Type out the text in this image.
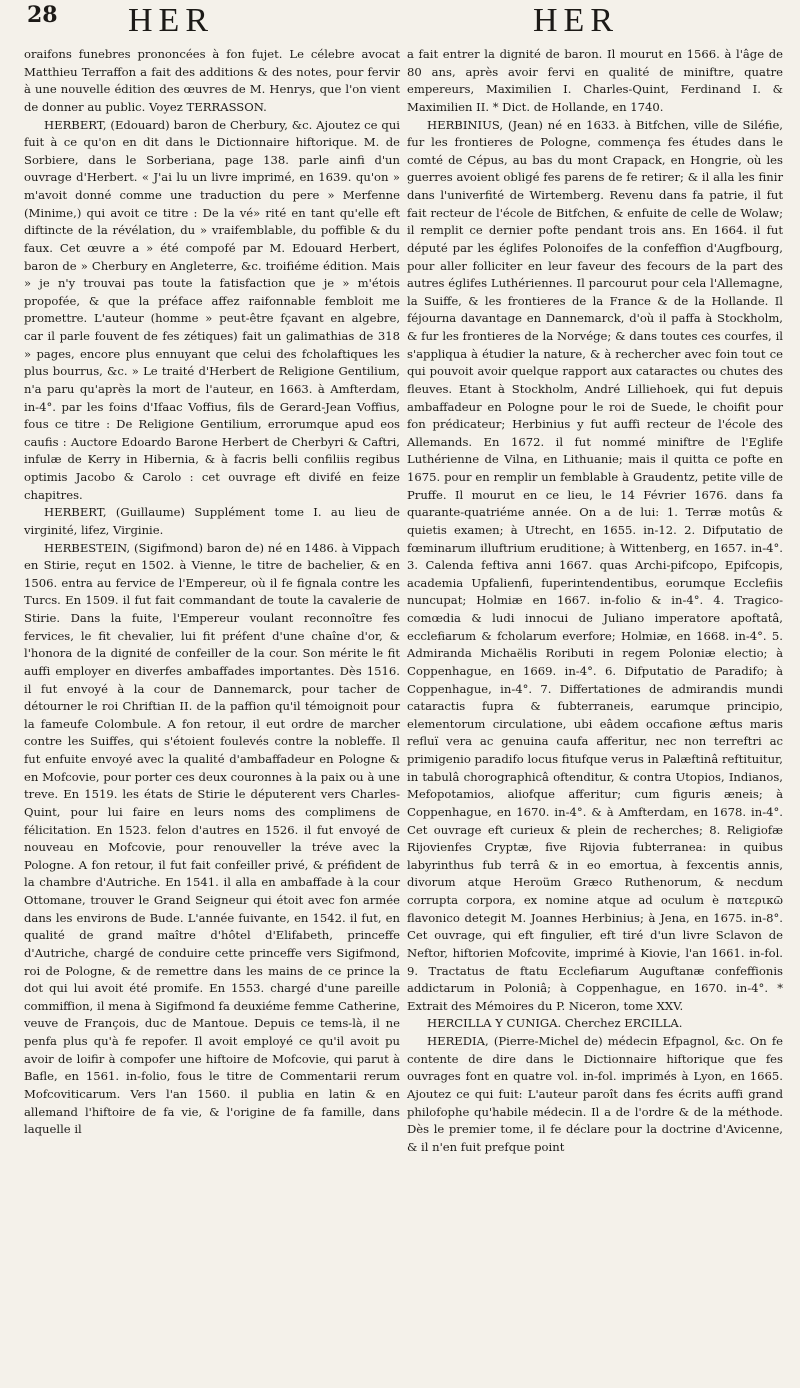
28 HER	HER

oraifons funebres prononcées à fon fujet. Le célebre avocat Matthieu Terraffon a fait des additions & des notes, pour fervir à une nouvelle édition des œuvres de M. Henrys, que l'on vient de donner au public. Voyez TERRASSON.

HERBERT, (Edouard) baron de Cherbury, &c. Ajoutez ce qui fuit à ce qu'on en dit dans le Dictionnaire hiftorique. M. de Sorbiere, dans le Sorberiana, page 138. parle ainfi d'un ouvrage d'Herbert. « J'ai lu un livre imprimé, en 1639. qu'on » m'avoit donné comme une traduction du pere » Merfenne (Minime,) qui avoit ce titre : De la vé» rité en tant qu'elle eft diftincte de la révélation, du » vraifemblable, du poffible & du faux. Cet œuvre a » été compofé par M. Edouard Herbert, baron de » Cherbury en Angleterre, &c. troifiéme édition. Mais » je n'y trouvai pas toute la fatisfaction que je » m'étois propofée, & que la préface affez raifonnable fembloit me promettre. L'auteur (homme » peut-être fçavant en algebre, car il parle fouvent de fes zétiques) fait un galimathias de 318 » pages, encore plus ennuyant que celui des fcholaftiques les plus bourrus, &c. » Le traité d'Herbert de Religione Gentilium, n'a paru qu'après la mort de l'auteur, en 1663. à Amfterdam, in-4°. par les foins d'Ifaac Voffius, fils de Gerard-Jean Voffius, fous ce titre : De Religione Gentilium, errorumque apud eos caufis : Auctore Edoardo Barone Herbert de Cherbyri & Caftri, infulæ de Kerry in Hibernia, & à facris belli confiliis regibus optimis Jacobo & Carolo : cet ouvrage eft divifé en feize chapitres.

HERBERT, (Guillaume) Supplément tome I. au lieu de virginité, lifez, Virginie.

HERBESTEIN, (Sigifmond) baron de) né en 1486. à Vippach en Stirie, reçut en 1502. à Vienne, le titre de bachelier, & en 1506. entra au fervice de l'Empereur, où il fe fignala contre les Turcs. En 1509. il fut fait commandant de toute la cavalerie de Stirie. Dans la fuite, l'Empereur voulant reconnoître fes fervices, le fit chevalier, lui fit préfent d'une chaîne d'or, & l'honora de la dignité de confeiller de la cour. Son mérite le fit auffi employer en diverfes ambaffades importantes. Dès 1516. il fut envoyé à la cour de Dannemarck, pour tacher de détourner le roi Chriftian II. de la paffion qu'il témoignoit pour la fameufe Colombule. A fon retour, il eut ordre de marcher contre les Suiffes, qui s'étoient foulevés contre la nobleffe. Il fut enfuite envoyé avec la qualité d'ambaffadeur en Pologne & en Mofcovie, pour porter ces deux couronnes à la paix ou à une treve. En 1519. les états de Stirie le députerent vers Charles-Quint, pour lui faire en leurs noms des complimens de félicitation. En 1523. felon d'autres en 1526. il fut envoyé de nouveau en Mofcovie, pour renouveller la tréve avec la Pologne. A fon retour, il fut fait confeiller privé, & préfident de la chambre d'Autriche. En 1541. il alla en ambaffade à la cour Ottomane, trouver le Grand Seigneur qui étoit avec fon armée dans les environs de Bude. L'année fuivante, en 1542. il fut, en qualité de grand maître d'hôtel d'Elifabeth, princeffe d'Autriche, chargé de conduire cette princeffe vers Sigifmond, roi de Pologne, & de remettre dans les mains de ce prince la dot qui lui avoit été promife. En 1553. chargé d'une pareille commiffion, il mena à Sigifmond fa deuxiéme femme Catherine, veuve de François, duc de Mantoue. Depuis ce tems-là, il ne penfa plus qu'à fe repofer. Il avoit employé ce qu'il avoit pu avoir de loifir à compofer une hiftoire de Mofcovie, qui parut à Bafle, en 1561. in-folio, fous le titre de Commentarii rerum Mofcoviticarum. Vers l'an 1560. il publia en latin & en allemand l'hiftoire de fa vie, & l'origine de fa famille, dans laquelle il

a fait entrer la dignité de baron. Il mourut en 1566. à l'âge de 80 ans, après avoir fervi en qualité de miniftre, quatre empereurs, Maximilien I. Charles-Quint, Ferdinand I. & Maximilien II. * Dict. de Hollande, en 1740.

HERBINIUS, (Jean) né en 1633. à Bitfchen, ville de Siléfie, fur les frontieres de Pologne, commença fes études dans le comté de Cépus, au bas du mont Crapack, en Hongrie, où les guerres avoient obligé fes parens de fe retirer; & il alla les finir dans l'univerfité de Wirtemberg. Revenu dans fa patrie, il fut fait recteur de l'école de Bitfchen, & enfuite de celle de Wolaw; il remplit ce dernier pofte pendant trois ans. En 1664. il fut député par les églifes Polonoifes de la confeffion d'Augfbourg, pour aller folliciter en leur faveur des fecours de la part des autres églifes Luthériennes. Il parcourut pour cela l'Allemagne, la Suiffe, & les frontieres de la France & de la Hollande. Il féjourna davantage en Dannemarck, d'où il paffa à Stockholm, & fur les frontieres de la Norvége; & dans toutes ces courfes, il s'appliqua à étudier la nature, & à rechercher avec foin tout ce qui pouvoit avoir quelque rapport aux cataractes ou chutes des fleuves. Etant à Stockholm, André Lilliehoek, qui fut depuis ambaffadeur en Pologne pour le roi de Suede, le choifit pour fon prédicateur; Herbinius y fut auffi recteur de l'école des Allemands. En 1672. il fut nommé miniftre de l'Eglife Luthérienne de Vilna, en Lithuanie; mais il quitta ce pofte en 1675. pour en remplir un femblable à Graudentz, petite ville de Pruffe. Il mourut en ce lieu, le 14 Février 1676. dans fa quarante-quatriéme année. On a de lui: 1. Terræ motûs & quietis examen; à Utrecht, en 1655. in-12. 2. Difputatio de fœminarum illuftrium eruditione; à Wittenberg, en 1657. in-4°. 3. Calenda feftiva anni 1667. quas Archi-pifcopo, Epifcopis, academia Upfalienfi, fuperintendentibus, eorumque Ecclefiis nuncupat; Holmiæ en 1667. in-folio & in-4°. 4. Tragico-comœdia & ludi innocui de Juliano imperatore apoftatâ, ecclefiarum & fcholarum everfore; Holmiæ, en 1668. in-4°. 5. Admiranda Michaëlis Roributi in regem Poloniæ electio; à Coppenhague, en 1669. in-4°. 6. Difputatio de Paradifo; à Coppenhague, in-4°. 7. Differtationes de admirandis mundi cataractis fupra & fubterraneis, earumque principio, elementorum circulatione, ubi eâdem occafione æftus maris refluï vera ac genuina caufa afferitur, nec non terreftri ac primigenio paradifo locus fitufque verus in Palæftinâ reftituitur, in tabulâ chorographicâ oftenditur, & contra Utopios, Indianos, Mefopotamios, aliofque afferitur; cum figuris æneis; à Coppenhague, en 1670. in-4°. & à Amfterdam, en 1678. in-4°. Cet ouvrage eft curieux & plein de recherches; 8. Religiofæ Rijovienfes Cryptæ, five Rijovia fubterranea: in quibus labyrinthus fub terrâ & in eo emortua, à fexcentis annis, divorum atque Heroüm Græco Ruthenorum, & necdum corrupta corpora, ex nomine atque ad oculum è πατερικῶ flavonico detegit M. Joannes Herbinius; à Jena, en 1675. in-8°. Cet ouvrage, qui eft fingulier, eft tiré d'un livre Sclavon de Neftor, hiftorien Mofcovite, imprimé à Kiovie, l'an 1661. in-fol. 9. Tractatus de ftatu Ecclefiarum Auguftanæ confeffionis addictarum in Poloniâ; à Coppenhague, en 1670. in-4°. * Extrait des Mémoires du P. Niceron, tome XXV.

HERCILLA Y CUNIGA. Cherchez ERCILLA.

HEREDIA, (Pierre-Michel de) médecin Efpagnol, &c. On fe contente de dire dans le Dictionnaire hiftorique que fes ouvrages font en quatre vol. in-fol. imprimés à Lyon, en 1665. Ajoutez ce qui fuit: L'auteur paroît dans fes écrits auffi grand philofophe qu'habile médecin. Il a de l'ordre & de la méthode. Dès le premier tome, il fe déclare pour la doctrine d'Avicenne, & il n'en fuit prefque point
